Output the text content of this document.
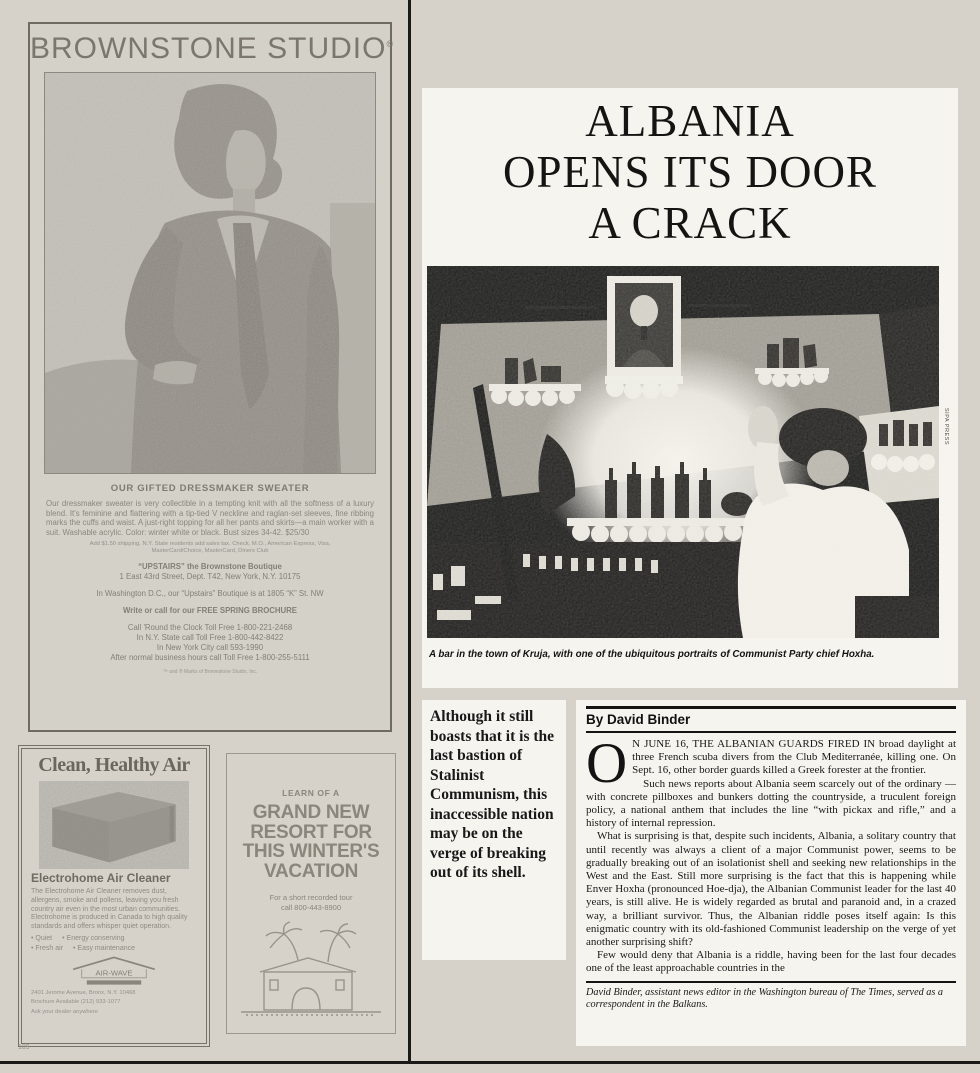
BROWNSTONE STUDIO®
OUR GIFTED DRESSMAKER SWEATER
Our dressmaker sweater is very collectible in a tempting knit with all the softness of a luxury blend. It's feminine and flattering with a tip-tied V neckline and raglan-set sleeves, fine ribbing marks the cuffs and waist. A just-right topping for all her pants and skirts—a main worker with a suit. Washable acrylic. Color: winter white or black. Bust sizes 34-42. $25/30
Add $1.50 shipping. N.Y. State residents add sales tax. Check, M.O., American Express, Visa, MasterCard/Choice, MasterCard, Diners Club
“UPSTAIRS” the Brownstone Boutique
1 East 43rd Street, Dept. T42, New York, N.Y. 10175
In Washington D.C., our “Upstairs” Boutique is at 1805 “K” St. NW
Write or call for our FREE SPRING BROCHURE
Call 'Round the Clock Toll Free 1-800-221-2468
In N.Y. State call Toll Free 1-800-442-8422
In New York City call 593-1990
After normal business hours call Toll Free 1-800-255-5111
™ and ® Marks of Brownstone Studio, Inc.
Clean, Healthy Air
Electrohome Air Cleaner
The Electrohome Air Cleaner removes dust, allergens, smoke and pollens, leaving you fresh country air even in the most urban communities. Electrohome is produced in Canada to high quality standards and offers whisper quiet operation.
• Quiet • Energy conserving
• Fresh air • Easy maintenance
AIR-WAVE
2401 Jerome Avenue, Bronx, N.Y. 10468
Brochure Available (212) 933-1077
Ask your dealer anywhere
LEARN OF A
GRAND NEW
RESORT FOR
THIS WINTER'S
VACATION
For a short recorded tour
call 800-443-8900
109
ALBANIA
OPENS ITS DOOR
A CRACK
SIPA PRESS
A bar in the town of Kruja, with one of the ubiquitous portraits of Communist Party chief Hoxha.
Although it still boasts that it is the last bastion of Stalinist Communism, this inaccessible nation may be on the verge of breaking out of its shell.
By David Binder

O N JUNE 16, THE ALBANIAN GUARDS FIRED IN broad daylight at three French scuba divers from the Club Mediterranée, killing one. On Sept. 16, other border guards killed a Greek forester at the frontier.

Such news reports about Albania seem scarcely out of the ordinary — with concrete pillboxes and bunkers dotting the countryside, a truculent foreign policy, a national anthem that includes the line “with pickax and rifle,” and a history of internal repression.

What is surprising is that, despite such incidents, Albania, a solitary country that until recently was always a client of a major Communist power, seems to be gradually breaking out of an isolationist shell and seeking new relationships in the West and the East. Still more surprising is the fact that this is happening while Enver Hoxha (pronounced Hoe-dja), the Albanian Communist leader for the last 40 years, is still alive. He is widely regarded as brutal and paranoid and, in a crazed way, a brilliant survivor. Thus, the Albanian riddle poses itself again: Is this enigmatic country with its old-fashioned Communist leadership on the verge of yet another surprising shift?

Few would deny that Albania is a riddle, having been for the last four decades one of the least approachable countries in the

David Binder, assistant news editor in the Washington bureau of The Times, served as a correspondent in the Balkans.
